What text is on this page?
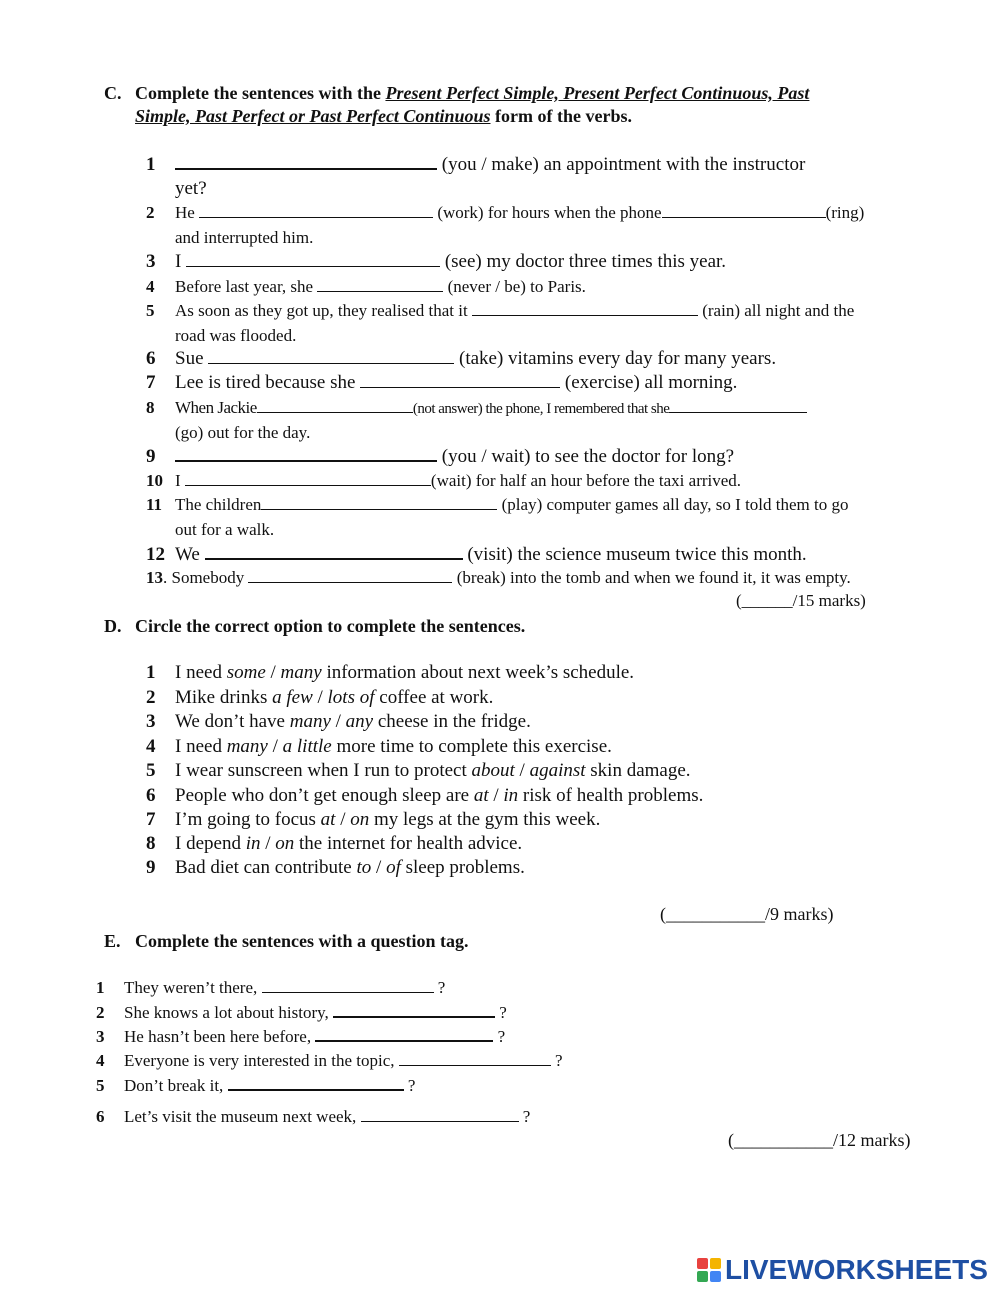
C. Complete the sentences with the Present Perfect Simple, Present Perfect Continuous, Past
Simple, Past Perfect or Past Perfect Continuous form of the verbs.
1	(you / make) an appointment with the instructor
yet?
2 He	(work) for hours when the phone	(ring)
and interrupted him.
3 I	(see) my doctor three times this year.
4 Before last year, she	(never / be) to Paris.
5 As soon as they got up, they realised that it	(rain) all night and the
road was flooded.
6 Sue	(take) vitamins every day for many years.
7 Lee is tired because she	(exercise) all morning.
8 When Jackie	(not answer) the phone, I remembered that she
(go) out for the day.
9	(you / wait) to see the doctor for long?
10 I	(wait) for half an hour before the taxi arrived.
11 The children	(play) computer games all day, so I told them to go
out for a walk.
12 We	(visit) the science museum twice this month.
13. Somebody	(break) into the tomb and when we found it, it was empty.
(______/15 marks)
D. Circle the correct option to complete the sentences.
1 I need some / many information about next week’s schedule.
2 Mike drinks a few / lots of coffee at work.
3 We don’t have many / any cheese in the fridge.
4 I need many / a little more time to complete this exercise.
5 I wear sunscreen when I run to protect about / against skin damage.
6 People who don’t get enough sleep are at / in risk of health problems.
7 I’m going to focus at / on my legs at the gym this week.
8 I depend in / on the internet for health advice.
9 Bad diet can contribute to / of sleep problems.
(___________/9 marks)
E. Complete the sentences with a question tag.
1 They weren’t there,	?
2 She knows a lot about history,	?
3 He hasn’t been here before,	?
4 Everyone is very interested in the topic,	?
5 Don’t break it,	?
6 Let’s visit the museum next week,	?
(___________/12 marks)
LIVEWORKSHEETS
